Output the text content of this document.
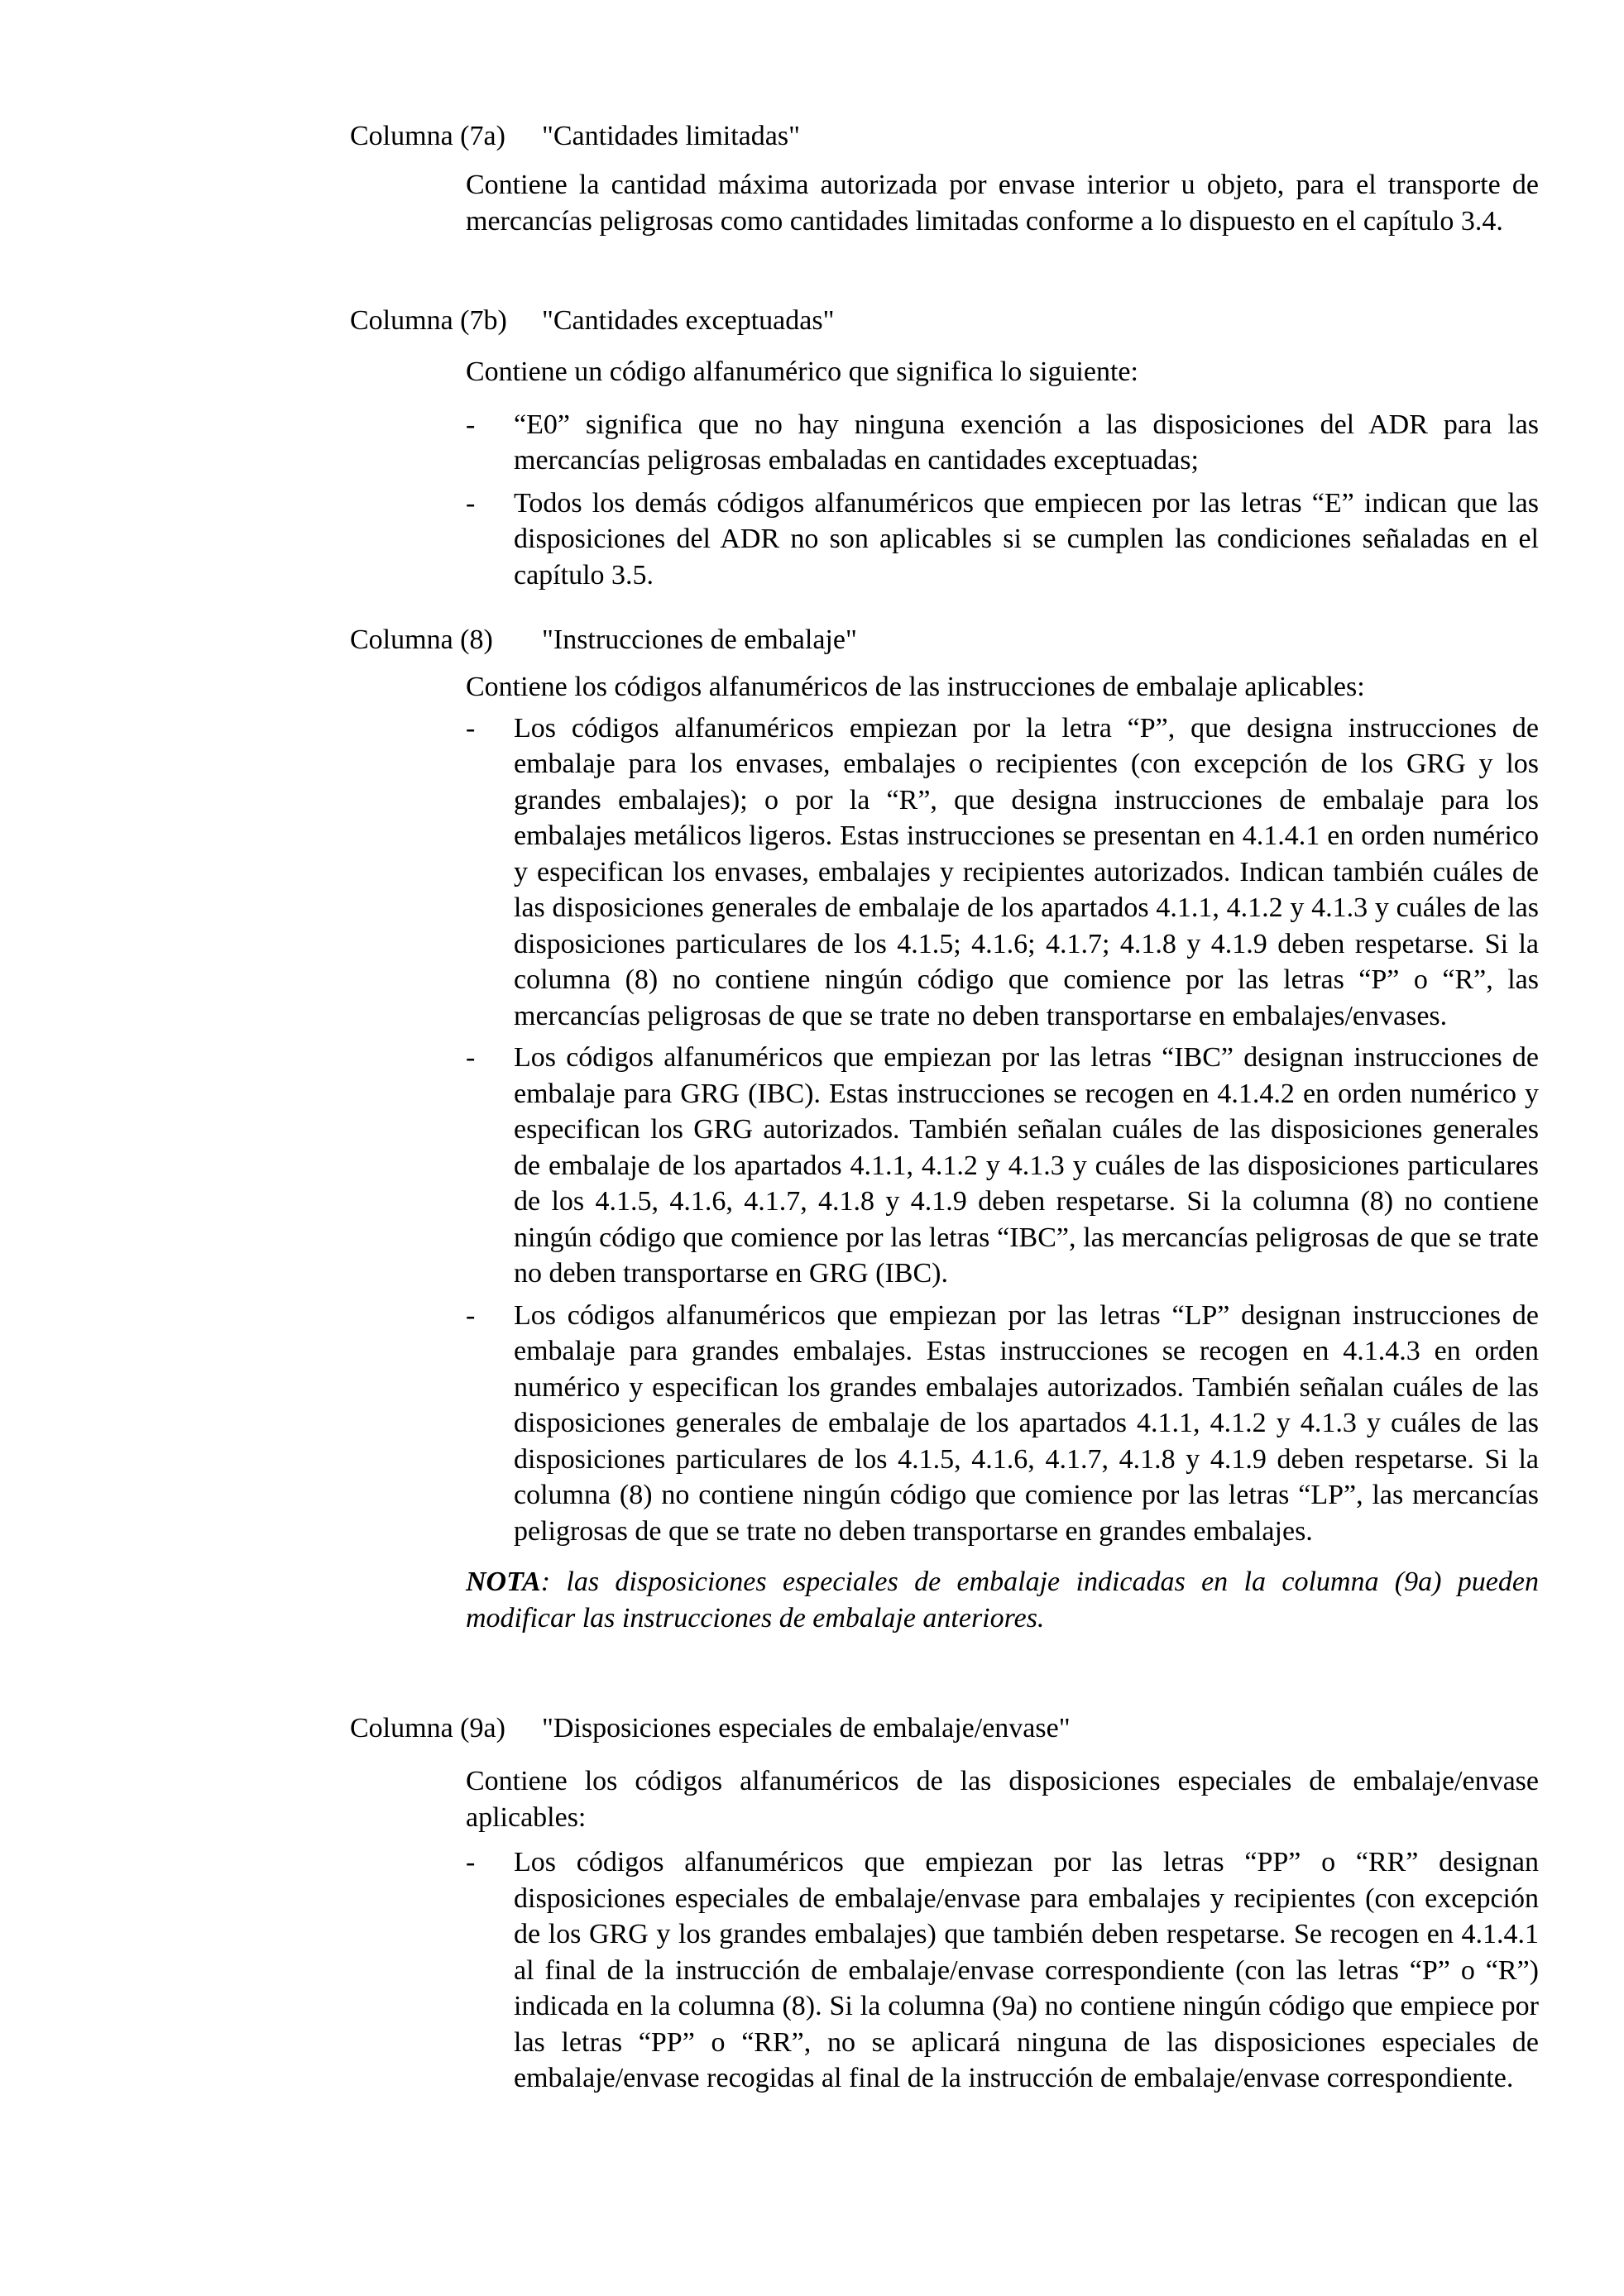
Columna (7a) "Cantidades limitadas"

Contiene la cantidad máxima autorizada por envase interior u objeto, para el transporte de mercancías peligrosas como cantidades limitadas conforme a lo dispuesto en el capítulo 3.4.

Columna (7b) "Cantidades exceptuadas"

Contiene un código alfanumérico que significa lo siguiente:

- “E0” significa que no hay ninguna exención a las disposiciones del ADR para las mercancías peligrosas embaladas en cantidades exceptuadas;
- Todos los demás códigos alfanuméricos que empiecen por las letras “E” indican que las disposiciones del ADR no son aplicables si se cumplen las condiciones señaladas en el capítulo 3.5.
Columna (8) "Instrucciones de embalaje"

Contiene los códigos alfanuméricos de las instrucciones de embalaje aplicables:

- Los códigos alfanuméricos empiezan por la letra “P”, que designa instrucciones de embalaje para los envases, embalajes o recipientes (con excepción de los GRG y los grandes embalajes); o por la “R”, que designa instrucciones de embalaje para los embalajes metálicos ligeros. Estas instrucciones se presentan en 4.1.4.1 en orden numérico y especifican los envases, embalajes y recipientes autorizados. Indican también cuáles de las disposiciones generales de embalaje de los apartados 4.1.1, 4.1.2 y 4.1.3 y cuáles de las disposiciones particulares de los 4.1.5; 4.1.6; 4.1.7; 4.1.8 y 4.1.9 deben respetarse. Si la columna (8) no contiene ningún código que comience por las letras “P” o “R”, las mercancías peligrosas de que se trate no deben transportarse en embalajes/envases.
- Los códigos alfanuméricos que empiezan por las letras “IBC” designan instrucciones de embalaje para GRG (IBC). Estas instrucciones se recogen en 4.1.4.2 en orden numérico y especifican los GRG autorizados. También señalan cuáles de las disposiciones generales de embalaje de los apartados 4.1.1, 4.1.2 y 4.1.3 y cuáles de las disposiciones particulares de los 4.1.5, 4.1.6, 4.1.7, 4.1.8 y 4.1.9 deben respetarse. Si la columna (8) no contiene ningún código que comience por las letras “IBC”, las mercancías peligrosas de que se trate no deben transportarse en GRG (IBC).
- Los códigos alfanuméricos que empiezan por las letras “LP” designan instrucciones de embalaje para grandes embalajes. Estas instrucciones se recogen en 4.1.4.3 en orden numérico y especifican los grandes embalajes autorizados. También señalan cuáles de las disposiciones generales de embalaje de los apartados 4.1.1, 4.1.2 y 4.1.3 y cuáles de las disposiciones particulares de los 4.1.5, 4.1.6, 4.1.7, 4.1.8 y 4.1.9 deben respetarse. Si la columna (8) no contiene ningún código que comience por las letras “LP”, las mercancías peligrosas de que se trate no deben transportarse en grandes embalajes.

NOTA: las disposiciones especiales de embalaje indicadas en la columna (9a) pueden modificar las instrucciones de embalaje anteriores.

Columna (9a) "Disposiciones especiales de embalaje/envase"

Contiene los códigos alfanuméricos de las disposiciones especiales de embalaje/envase aplicables:

- Los códigos alfanuméricos que empiezan por las letras “PP” o “RR” designan disposiciones especiales de embalaje/envase para embalajes y recipientes (con excepción de los GRG y los grandes embalajes) que también deben respetarse. Se recogen en 4.1.4.1 al final de la instrucción de embalaje/envase correspondiente (con las letras “P” o “R”) indicada en la columna (8). Si la columna (9a) no contiene ningún código que empiece por las letras “PP” o “RR”, no se aplicará ninguna de las disposiciones especiales de embalaje/envase recogidas al final de la instrucción de embalaje/envase correspondiente.
